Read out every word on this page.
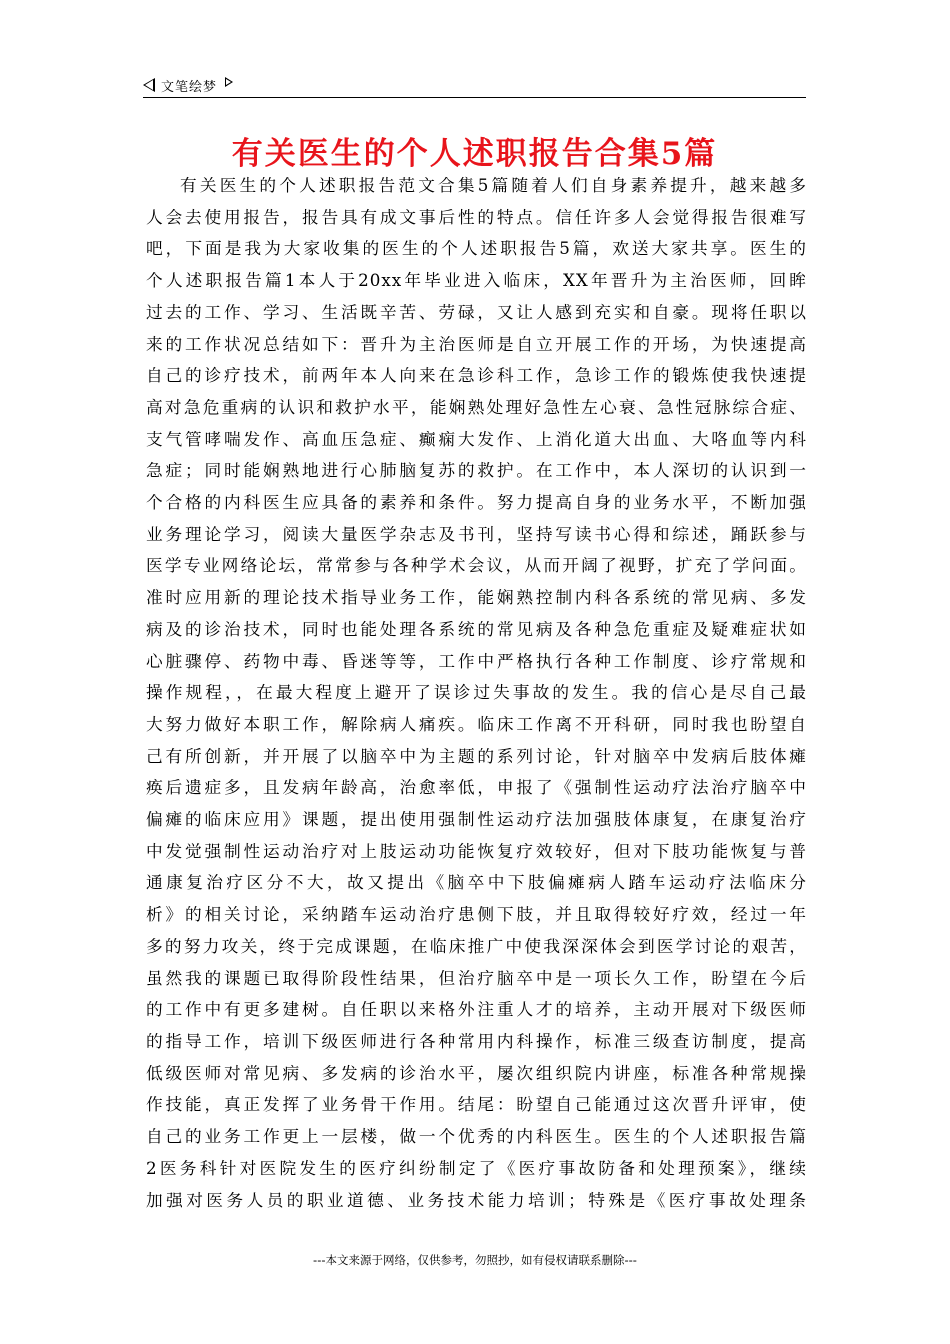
文笔绘梦
有关医生的个人述职报告合集5篇
有关医生的个人述职报告范文合集5篇随着人们自身素养提升，越来越多
人会去使用报告，报告具有成文事后性的特点。信任许多人会觉得报告很难写
吧，下面是我为大家收集的医生的个人述职报告5篇，欢送大家共享。医生的
个人述职报告篇1本人于20xx年毕业进入临床，XX年晋升为主治医师，回眸
过去的工作、学习、生活既辛苦、劳碌，又让人感到充实和自豪。现将任职以
来的工作状况总结如下：晋升为主治医师是自立开展工作的开场，为快速提高
自己的诊疗技术，前两年本人向来在急诊科工作，急诊工作的锻炼使我快速提
高对急危重病的认识和救护水平，能娴熟处理好急性左心衰、急性冠脉综合症、
支气管哮喘发作、高血压急症、癫痫大发作、上消化道大出血、大咯血等内科
急症；同时能娴熟地进行心肺脑复苏的救护。在工作中，本人深切的认识到一
个合格的内科医生应具备的素养和条件。努力提高自身的业务水平，不断加强
业务理论学习，阅读大量医学杂志及书刊，坚持写读书心得和综述，踊跃参与
医学专业网络论坛，常常参与各种学术会议，从而开阔了视野，扩充了学问面。
准时应用新的理论技术指导业务工作，能娴熟控制内科各系统的常见病、多发
病及的诊治技术，同时也能处理各系统的常见病及各种急危重症及疑难症状如
心脏骤停、药物中毒、昏迷等等，工作中严格执行各种工作制度、诊疗常规和
操作规程，，在最大程度上避开了误诊过失事故的发生。我的信心是尽自己最
大努力做好本职工作，解除病人痛疾。临床工作离不开科研，同时我也盼望自
己有所创新，并开展了以脑卒中为主题的系列讨论，针对脑卒中发病后肢体瘫
痪后遗症多，且发病年龄高，治愈率低，申报了《强制性运动疗法治疗脑卒中
偏瘫的临床应用》课题，提出使用强制性运动疗法加强肢体康复，在康复治疗
中发觉强制性运动治疗对上肢运动功能恢复疗效较好，但对下肢功能恢复与普
通康复治疗区分不大，故又提出《脑卒中下肢偏瘫病人踏车运动疗法临床分
析》的相关讨论，采纳踏车运动治疗患侧下肢，并且取得较好疗效，经过一年
多的努力攻关，终于完成课题，在临床推广中使我深深体会到医学讨论的艰苦，
虽然我的课题已取得阶段性结果，但治疗脑卒中是一项长久工作，盼望在今后
的工作中有更多建树。自任职以来格外注重人才的培养，主动开展对下级医师
的指导工作，培训下级医师进行各种常用内科操作，标准三级查访制度，提高
低级医师对常见病、多发病的诊治水平，屡次组织院内讲座，标准各种常规操
作技能，真正发挥了业务骨干作用。结尾：盼望自己能通过这次晋升评审，使
自己的业务工作更上一层楼，做一个优秀的内科医生。医生的个人述职报告篇
2医务科针对医院发生的医疗纠纷制定了《医疗事故防备和处理预案》，继续
加强对医务人员的职业道德、业务技术能力培训；特殊是《医疗事故处理条
---本文来源于网络，仅供参考，勿照抄，如有侵权请联系删除---
